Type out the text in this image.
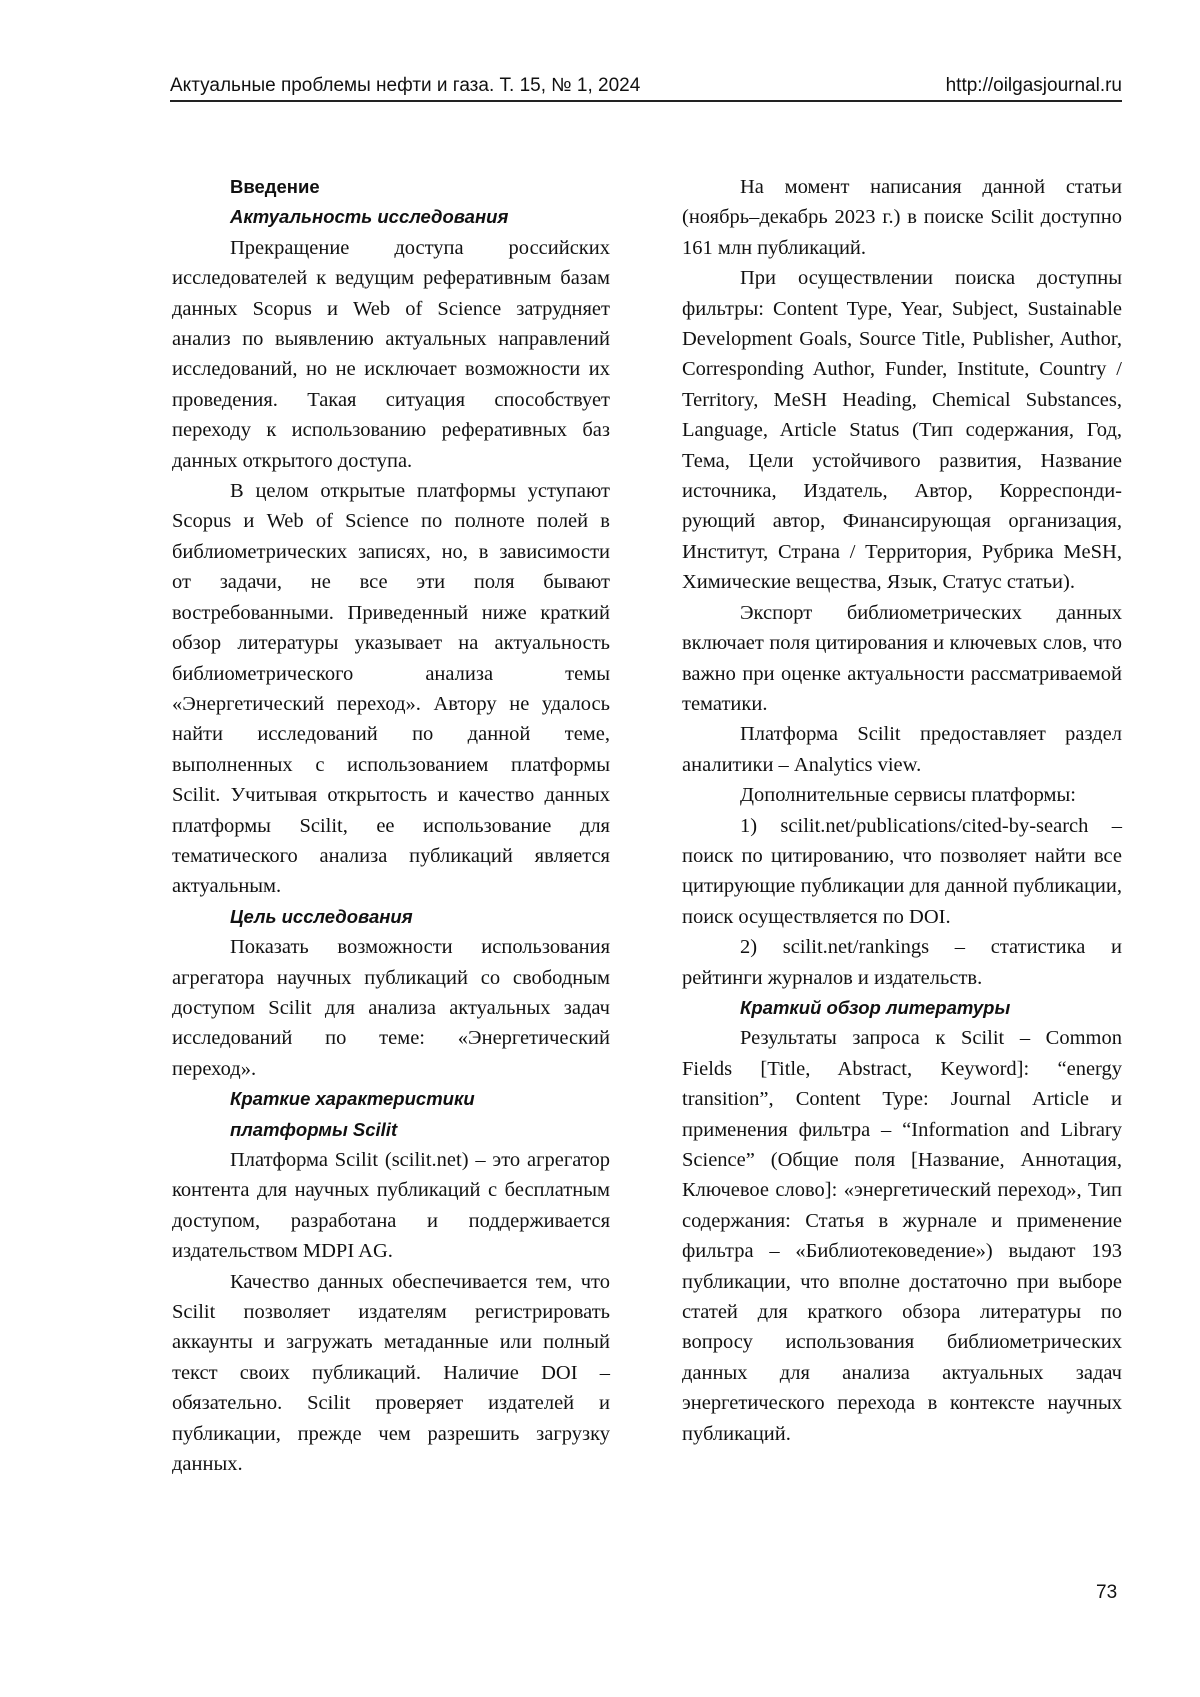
Актуальные проблемы нефти и газа. Т. 15, № 1, 2024	http://oilgasjournal.ru
Введение
Актуальность исследования

Прекращение доступа российских исследователей к ведущим реферативным базам данных Scopus и Web of Science затрудняет анализ по выявлению актуальных направлений исследований, но не исключает возможности их проведения. Такая ситуация способствует переходу к использованию реферативных баз данных открытого доступа.

В целом открытые платформы уступают Scopus и Web of Science по полноте полей в библиометрических записях, но, в зависимости от задачи, не все эти поля бывают востребованными. Приведенный ниже краткий обзор литературы указывает на актуальность библиометрического анализа темы «Энергетический переход». Автору не удалось найти исследований по данной теме, выполненных с использованием платформы Scilit. Учитывая открытость и качество данных платформы Scilit, ее использование для тематического анализа публикаций является актуальным.

Цель исследования

Показать возможности использования агрегатора научных публикаций со свободным доступом Scilit для анализа актуальных задач исследований по теме: «Энергетический переход».

Краткие характеристики
платформы Scilit

Платформа Scilit (scilit.net) – это агрегатор контента для научных публикаций с бесплатным доступом, разработана и поддерживается издательством MDPI AG.

Качество данных обеспечивается тем, что Scilit позволяет издателям регистрировать аккаунты и загружать метаданные или полный текст своих публикаций. Наличие DOI – обязательно. Scilit проверяет издателей и публикации, прежде чем разрешить загрузку данных.

На момент написания данной статьи (ноябрь–декабрь 2023 г.) в поиске Scilit доступно 161 млн публикаций.

При осуществлении поиска доступны фильтры: Content Type, Year, Subject, Sustainable Development Goals, Source Title, Publisher, Author, Corresponding Author, Funder, Institute, Country / Territory, MeSH Heading, Chemical Substances, Language, Article Status (Тип содержания, Год, Тема, Цели устойчивого развития, Название источника, Издатель, Автор, Корреспондирующий автор, Финансирующая организация, Институт, Страна / Территория, Рубрика MeSH, Химические вещества, Язык, Статус статьи).

Экспорт библиометрических данных включает поля цитирования и ключевых слов, что важно при оценке актуальности рассматриваемой тематики.

Платформа Scilit предоставляет раздел аналитики – Analytics view.

Дополнительные сервисы платформы:

1) scilit.net/publications/cited-by-search – поиск по цитированию, что позволяет найти все цитирующие публикации для данной публикации, поиск осуществляется по DOI.

2) scilit.net/rankings – статистика и рейтинги журналов и издательств.

Краткий обзор литературы

Результаты запроса к Scilit – Common Fields [Title, Abstract, Keyword]: “energy transition”, Content Type: Journal Article и применения фильтра – “Information and Library Science” (Общие поля [Название, Аннотация, Ключевое слово]: «энергетический переход», Тип содержания: Статья в журнале и применение фильтра – «Библиотековедение») выдают 193 публикации, что вполне достаточно при выборе статей для краткого обзора литературы по вопросу использования библиометрических данных для анализа актуальных задач энергетического перехода в контексте научных публикаций.

73
